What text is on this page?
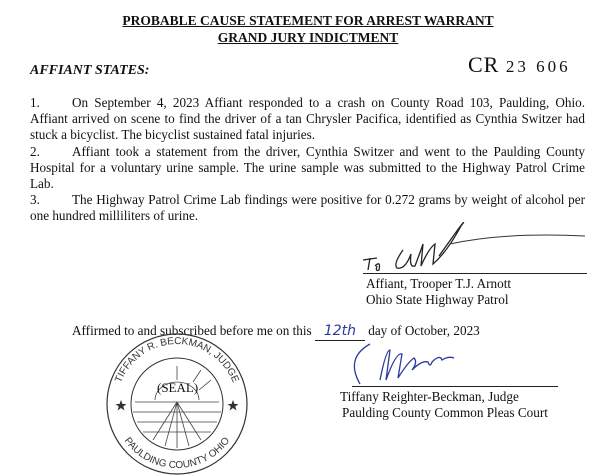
PROBABLE CAUSE STATEMENT FOR ARREST WARRANT
GRAND JURY INDICTMENT
AFFIANT STATES:	CR 23 606

1. On September 4, 2023 Affiant responded to a crash on County Road 103, Paulding, Ohio. Affiant arrived on scene to find the driver of a tan Chrysler Pacifica, identified as Cynthia Switzer had stuck a bicyclist. The bicyclist sustained fatal injuries.

2. Affiant took a statement from the driver, Cynthia Switzer and went to the Paulding County Hospital for a voluntary urine sample. The urine sample was submitted to the Highway Patrol Crime Lab.

3. The Highway Patrol Crime Lab findings were positive for 0.272 grams by weight of alcohol per one hundred milliliters of urine.

Affiant, Trooper T.J. Arnott
Ohio State Highway Patrol
Affirmed to and subscribed before me on this 12th day of October, 2023
Tiffany Reighter-Beckman, Judge
Paulding County Common Pleas Court
TIFFANY R. BECKMAN, JUDGE
PAULDING COUNTY OHIO
(SEAL)
